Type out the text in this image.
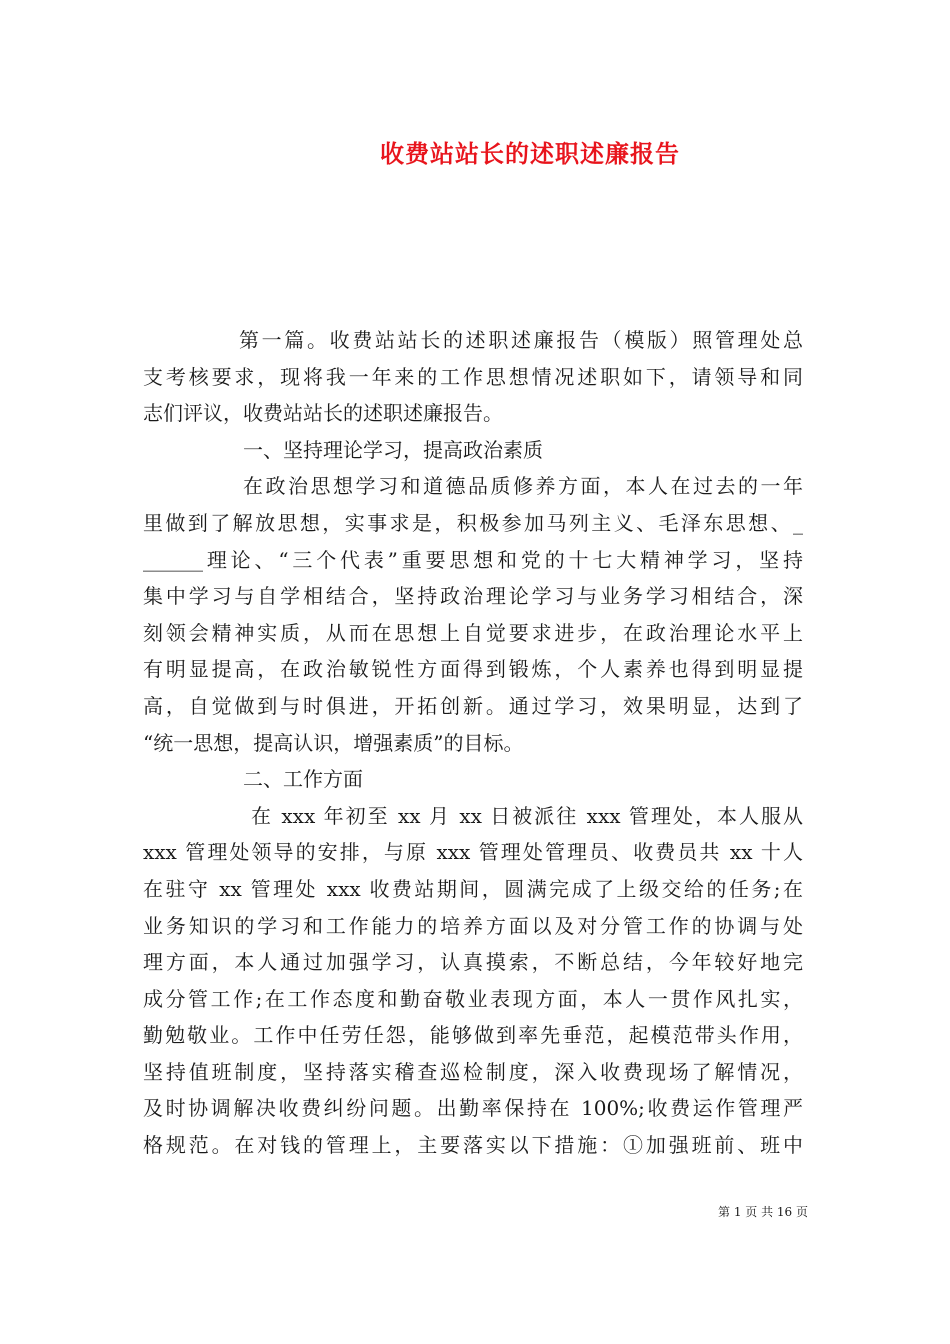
收费站站长的述职述廉报告
第一篇。收费站站长的述职述廉报告（模版）照管理处总
支考核要求，现将我一年来的工作思想情况述职如下，请领导和同
志们评议，收费站站长的述职述廉报告。
一、坚持理论学习，提高政治素质
在政治思想学习和道德品质修养方面，本人在过去的一年
里做到了解放思想，实事求是，积极参加马列主义、毛泽东思想、_
______理论、“三个代表”重要思想和党的十七大精神学习，坚持
集中学习与自学相结合，坚持政治理论学习与业务学习相结合，深
刻领会精神实质，从而在思想上自觉要求进步，在政治理论水平上
有明显提高，在政治敏锐性方面得到锻炼，个人素养也得到明显提
高，自觉做到与时俱进，开拓创新。通过学习，效果明显，达到了
“统一思想，提高认识，增强素质”的目标。
二、工作方面
在 xxx 年初至 xx 月 xx 日被派往 xxx 管理处，本人服从
xxx 管理处领导的安排，与原 xxx 管理处管理员、收费员共 xx 十人
在驻守 xx 管理处 xxx 收费站期间，圆满完成了上级交给的任务;在
业务知识的学习和工作能力的培养方面以及对分管工作的协调与处
理方面，本人通过加强学习，认真摸索，不断总结，今年较好地完
成分管工作;在工作态度和勤奋敬业表现方面，本人一贯作风扎实，
勤勉敬业。工作中任劳任怨，能够做到率先垂范，起模范带头作用，
坚持值班制度，坚持落实稽查巡检制度，深入收费现场了解情况，
及时协调解决收费纠纷问题。出勤率保持在 100%;收费运作管理严
格规范。在对钱的管理上，主要落实以下措施：①加强班前、班中
第 1 页 共 16 页
